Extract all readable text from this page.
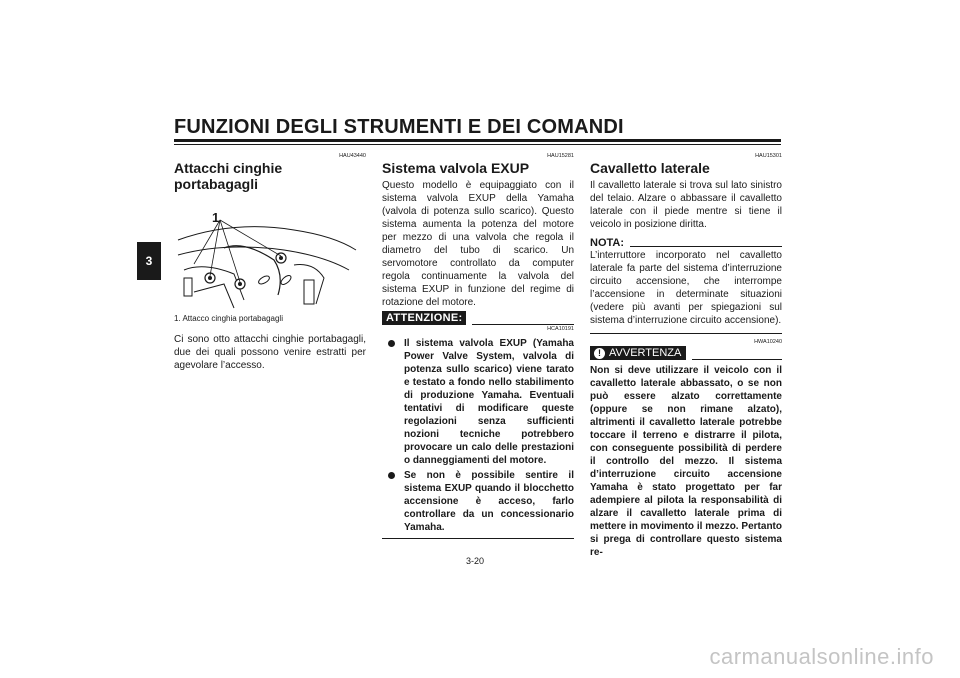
FUNZIONI DEGLI STRUMENTI E DEI COMANDI
3
HAU43440
Attacchi cinghie portabagagli
1
1. Attacco cinghia portabagagli

Ci sono otto attacchi cinghie portabagagli, due dei quali possono venire estratti per agevolare l’accesso.

HAU15281
Sistema valvola EXUP

Questo modello è equipaggiato con il sistema valvola EXUP della Yamaha (valvola di potenza sullo scarico). Questo sistema aumenta la potenza del motore per mezzo di una valvola che regola il diametro del tubo di scarico. Un servomotore controllato da computer regola continuamente la valvola del sistema EXUP in funzione del regime di rotazione del motore.

ATTENZIONE:
HCA10191
Il sistema valvola EXUP (Yamaha Power Valve System, valvola di potenza sullo scarico) viene tarato e testato a fondo nello stabilimento di produzione Yamaha. Eventuali tentativi di modificare queste regolazioni senza sufficienti nozioni tecniche potrebbero provocare un calo delle prestazioni o danneggiamenti del motore.
Se non è possibile sentire il sistema EXUP quando il blocchetto accensione è acceso, farlo controllare da un concessionario Yamaha.
HAU15301
Cavalletto laterale

Il cavalletto laterale si trova sul lato sinistro del telaio. Alzare o abbassare il cavalletto laterale con il piede mentre si tiene il veicolo in posizione diritta.

NOTA:

L’interruttore incorporato nel cavalletto laterale fa parte del sistema d’interruzione circuito accensione, che interrompe l’accensione in determinate situazioni (vedere più avanti per spiegazioni sul sistema d’interruzione circuito accensione).

HWA10240
! AVVERTENZA

Non si deve utilizzare il veicolo con il cavalletto laterale abbassato, o se non può essere alzato correttamente (oppure se non rimane alzato), altrimenti il cavalletto laterale potrebbe toccare il terreno e distrarre il pilota, con conseguente possibilità di perdere il controllo del mezzo. Il sistema d’interruzione circuito accensione Yamaha è stato progettato per far adempiere al pilota la responsabilità di alzare il cavalletto laterale prima di mettere in movimento il mezzo. Pertanto si prega di controllare questo sistema re-

3-20
carmanualsonline.info
